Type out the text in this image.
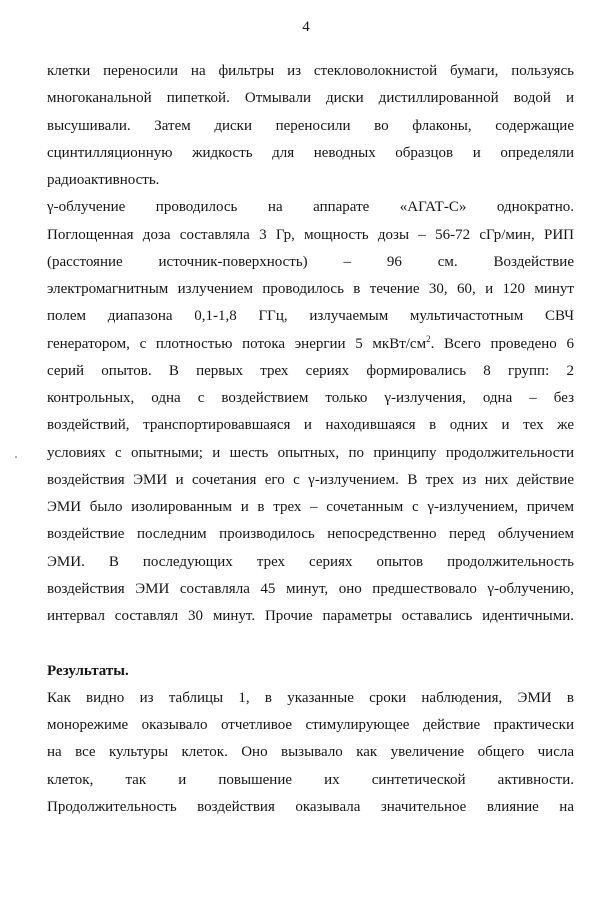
4
клетки переносили на фильтры из стекловолокнистой бумаги, пользуясь
многоканальной пипеткой. Отмывали диски дистиллированной водой и
высушивали. Затем диски переносили во флаконы, содержащие
сцинтилляционную жидкость для неводных образцов и определяли
радиоактивность.
γ-облучение проводилось на аппарате «АГАТ-С» однократно.
Поглощенная доза составляла 3 Гр, мощность дозы – 56-72 сГр/мин, РИП
(расстояние источник-поверхность) – 96 см. Воздействие
электромагнитным излучением проводилось в течение 30, 60, и 120 минут
полем диапазона 0,1-1,8 ГГц, излучаемым мультичастотным СВЧ
генератором, с плотностью потока энергии 5 мкВт/$см^2$. Всего проведено 6
серий опытов. В первых трех сериях формировались 8 групп: 2
контрольных, одна с воздействием только γ-излучения, одна – без
воздействий, транспортировавшаяся и находившаяся в одних и тех же
условиях с опытными; и шесть опытных, по принципу продолжительности
воздействия ЭМИ и сочетания его с γ-излучением. В трех из них действие
ЭМИ было изолированным и в трех – сочетанным с γ-излучением, причем
воздействие последним производилось непосредственно перед облучением
ЭМИ. В последующих трех сериях опытов продолжительность
воздействия ЭМИ составляла 45 минут, оно предшествовало γ-облучению,
интервал составлял 30 минут. Прочие параметры оставались идентичными.
Результаты.
Как видно из таблицы 1, в указанные сроки наблюдения, ЭМИ в
монорежиме оказывало отчетливое стимулирующее действие практически
на все культуры клеток. Оно вызывало как увеличение общего числа
клеток, так и повышение их синтетической активности.
Продолжительность воздействия оказывала значительное влияние на
